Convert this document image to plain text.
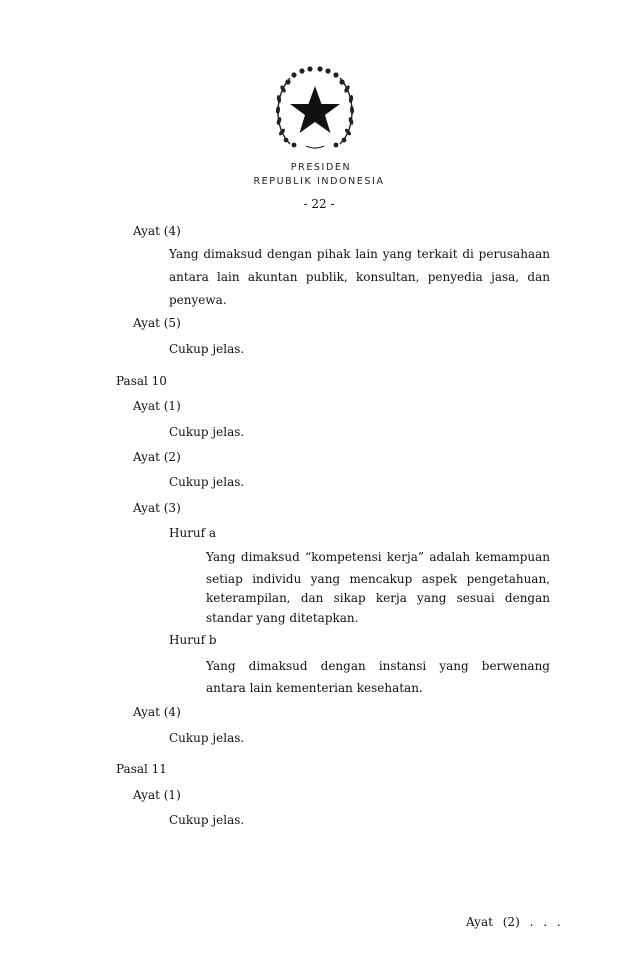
PRESIDEN
REPUBLIK INDONESIA
- 22 -
Ayat (4)
Yang dimaksud dengan pihak lain yang terkait di perusahaan
antara lain akuntan publik, konsultan, penyedia jasa, dan
penyewa.
Ayat (5)
Cukup jelas.
Pasal 10
Ayat (1)
Cukup jelas.
Ayat (2)
Cukup jelas.
Ayat (3)
Huruf a
Yang dimaksud “kompetensi kerja” adalah kemampuan
setiap individu yang mencakup aspek pengetahuan,
keterampilan, dan sikap kerja yang sesuai dengan
standar yang ditetapkan.
Huruf b
Yang dimaksud dengan instansi yang berwenang
antara lain kementerian kesehatan.
Ayat (4)
Cukup jelas.
Pasal 11
Ayat (1)
Cukup jelas.
Ayat (2) . . .
